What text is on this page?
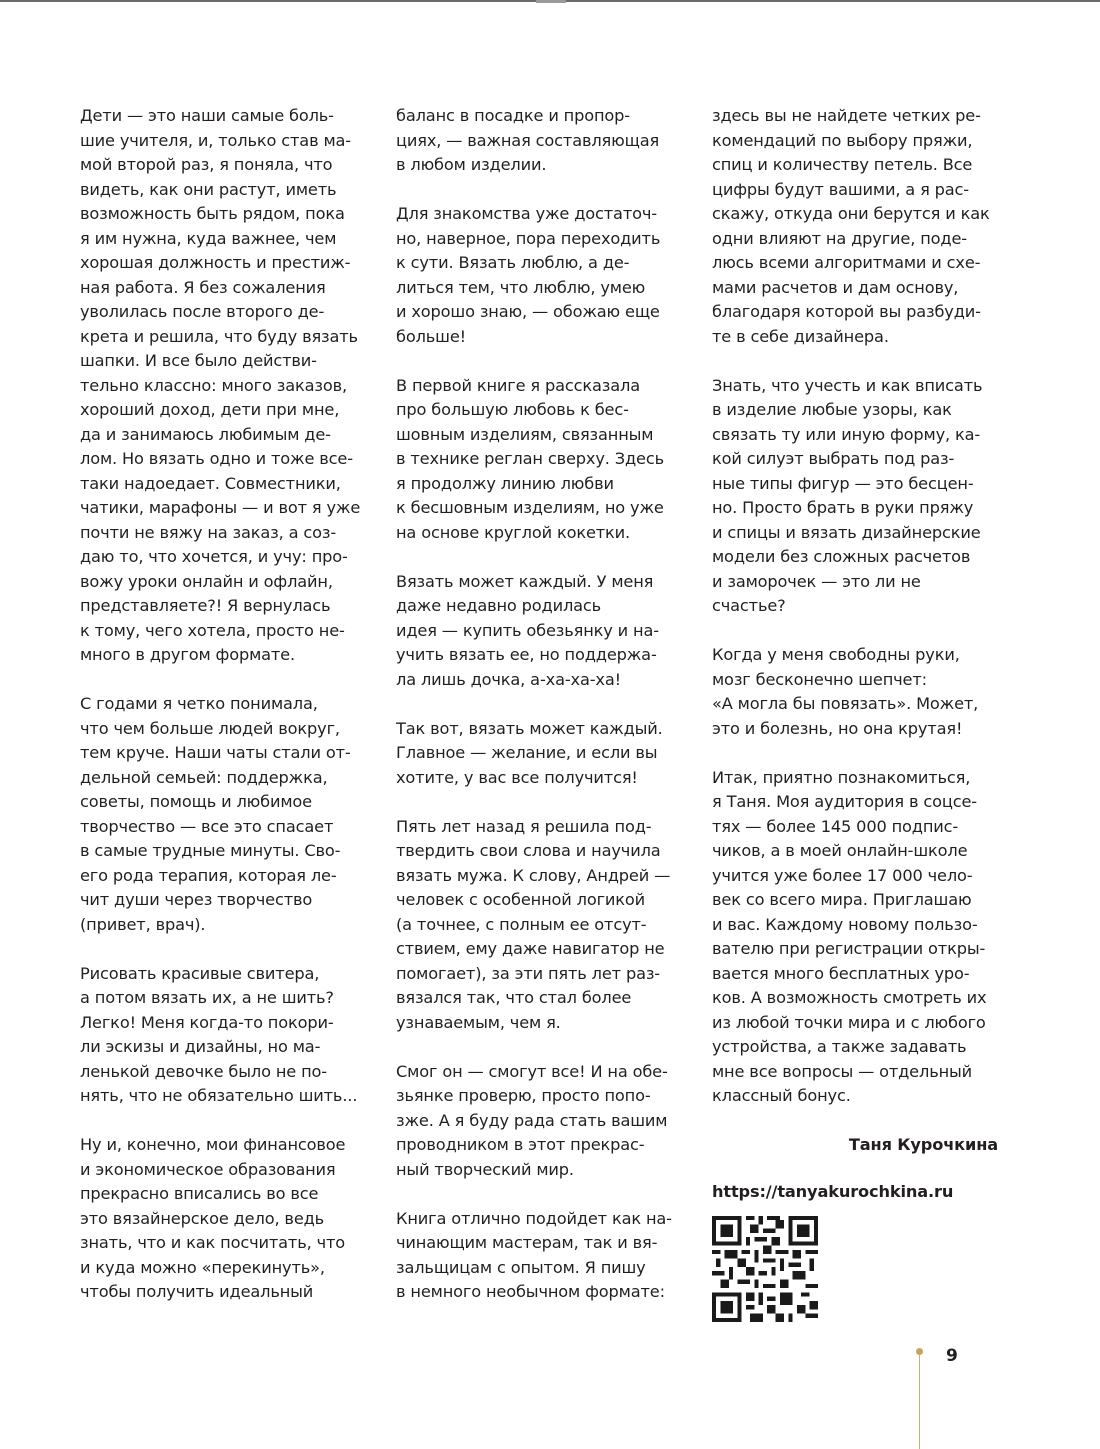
Дети — это наши самые боль-
шие учителя, и, только став ма-
мой второй раз, я поняла, что
видеть, как они растут, иметь
возможность быть рядом, пока
я им нужна, куда важнее, чем
хорошая должность и престиж-
ная работа. Я без сожаления
уволилась после второго де-
крета и решила, что буду вязать
шапки. И все было действи-
тельно классно: много заказов,
хороший доход, дети при мне,
да и занимаюсь любимым де-
лом. Но вязать одно и тоже все-
таки надоедает. Совместники,
чатики, марафоны — и вот я уже
почти не вяжу на заказ, а соз-
даю то, что хочется, и учу: про-
вожу уроки онлайн и офлайн,
представляете?! Я вернулась
к тому, чего хотела, просто не-
много в другом формате.

С годами я четко понимала,
что чем больше людей вокруг,
тем круче. Наши чаты стали от-
дельной семьей: поддержка,
советы, помощь и любимое
творчество — все это спасает
в самые трудные минуты. Сво-
его рода терапия, которая ле-
чит души через творчество
(привет, врач).

Рисовать красивые свитера,
а потом вязать их, а не шить?
Легко! Меня когда-то покори-
ли эскизы и дизайны, но ма-
ленькой девочке было не по-
нять, что не обязательно шить...

Ну и, конечно, мои финансовое
и экономическое образования
прекрасно вписались во все
это вязайнерское дело, ведь
знать, что и как посчитать, что
и куда можно «перекинуть»,
чтобы получить идеальный

баланс в посадке и пропор-
циях, — важная составляющая
в любом изделии.

Для знакомства уже достаточ-
но, наверное, пора переходить
к сути. Вязать люблю, а де-
литься тем, что люблю, умею
и хорошо знаю, — обожаю еще
больше!

В первой книге я рассказала
про большую любовь к бес-
шовным изделиям, связанным
в технике реглан сверху. Здесь
я продолжу линию любви
к бесшовным изделиям, но уже
на основе круглой кокетки.

Вязать может каждый. У меня
даже недавно родилась
идея — купить обезьянку и на-
учить вязать ее, но поддержа-
ла лишь дочка, а-ха-ха-ха!

Так вот, вязать может каждый.
Главное — желание, и если вы
хотите, у вас все получится!

Пять лет назад я решила под-
твердить свои слова и научила
вязать мужа. К слову, Андрей —
человек с особенной логикой
(а точнее, с полным ее отсут-
ствием, ему даже навигатор не
помогает), за эти пять лет раз-
вязался так, что стал более
узнаваемым, чем я.

Смог он — смогут все! И на обе-
зьянке проверю, просто попо-
зже. А я буду рада стать вашим
проводником в этот прекрас-
ный творческий мир.

Книга отлично подойдет как на-
чинающим мастерам, так и вя-
зальщицам с опытом. Я пишу
в немного необычном формате:

здесь вы не найдете четких ре-
комендаций по выбору пряжи,
спиц и количеству петель. Все
цифры будут вашими, а я рас-
скажу, откуда они берутся и как
одни влияют на другие, поде-
люсь всеми алгоритмами и схе-
мами расчетов и дам основу,
благодаря которой вы разбуди-
те в себе дизайнера.

Знать, что учесть и как вписать
в изделие любые узоры, как
связать ту или иную форму, ка-
кой силуэт выбрать под раз-
ные типы фигур — это бесцен-
но. Просто брать в руки пряжу
и спицы и вязать дизайнерские
модели без сложных расчетов
и заморочек — это ли не счастье?

Когда у меня свободны руки,
мозг бесконечно шепчет:
«А могла бы повязать». Может,
это и болезнь, но она крутая!

Итак, приятно познакомиться,
я Таня. Моя аудитория в соцсе-
тях — более 145 000 подпис-
чиков, а в моей онлайн-школе
учится уже более 17 000 чело-
век со всего мира. Приглашаю
и вас. Каждому новому пользо-
вателю при регистрации откры-
вается много бесплатных уро-
ков. А возможность смотреть их
из любой точки мира и с любого
устройства, а также задавать
мне все вопросы — отдельный
классный бонус.

Таня Курочкина

https://tanyakurochkina.ru

9
